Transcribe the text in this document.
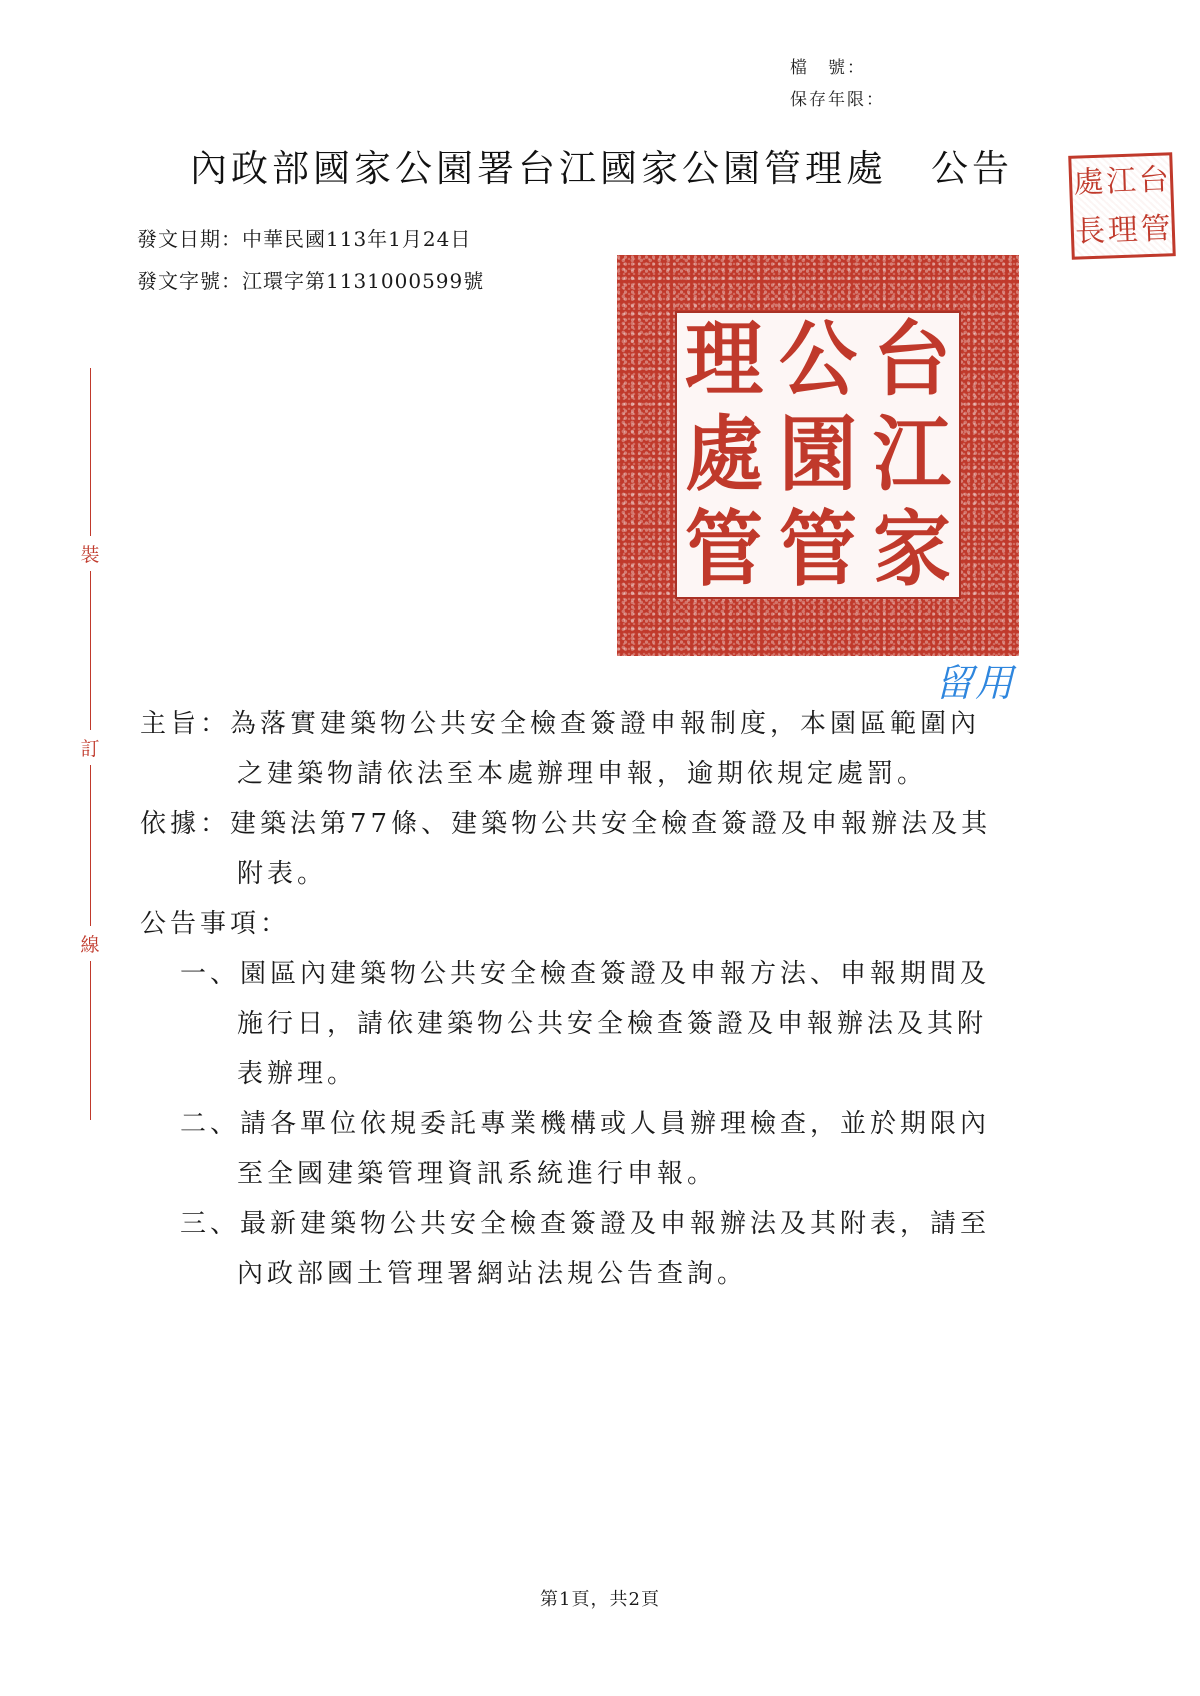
檔　號：
保存年限：
內政部國家公園署台江國家公園管理處 公告 處 江 台
長 理 管
發文日期：中華民國113年1月24日
發文字號：江環字第1131000599號
裝
訂
線
理 公 台
處 園 江
管 管 家
留用
主旨：為落實建築物公共安全檢查簽證申報制度，本園區範圍內
之建築物請依法至本處辦理申報，逾期依規定處罰。
依據：建築法第77條、建築物公共安全檢查簽證及申報辦法及其
附表。
公告事項：
一、園區內建築物公共安全檢查簽證及申報方法、申報期間及
施行日，請依建築物公共安全檢查簽證及申報辦法及其附
表辦理。
二、請各單位依規委託專業機構或人員辦理檢查，並於期限內
至全國建築管理資訊系統進行申報。
三、最新建築物公共安全檢查簽證及申報辦法及其附表，請至
內政部國土管理署網站法規公告查詢。
第1頁，共2頁
